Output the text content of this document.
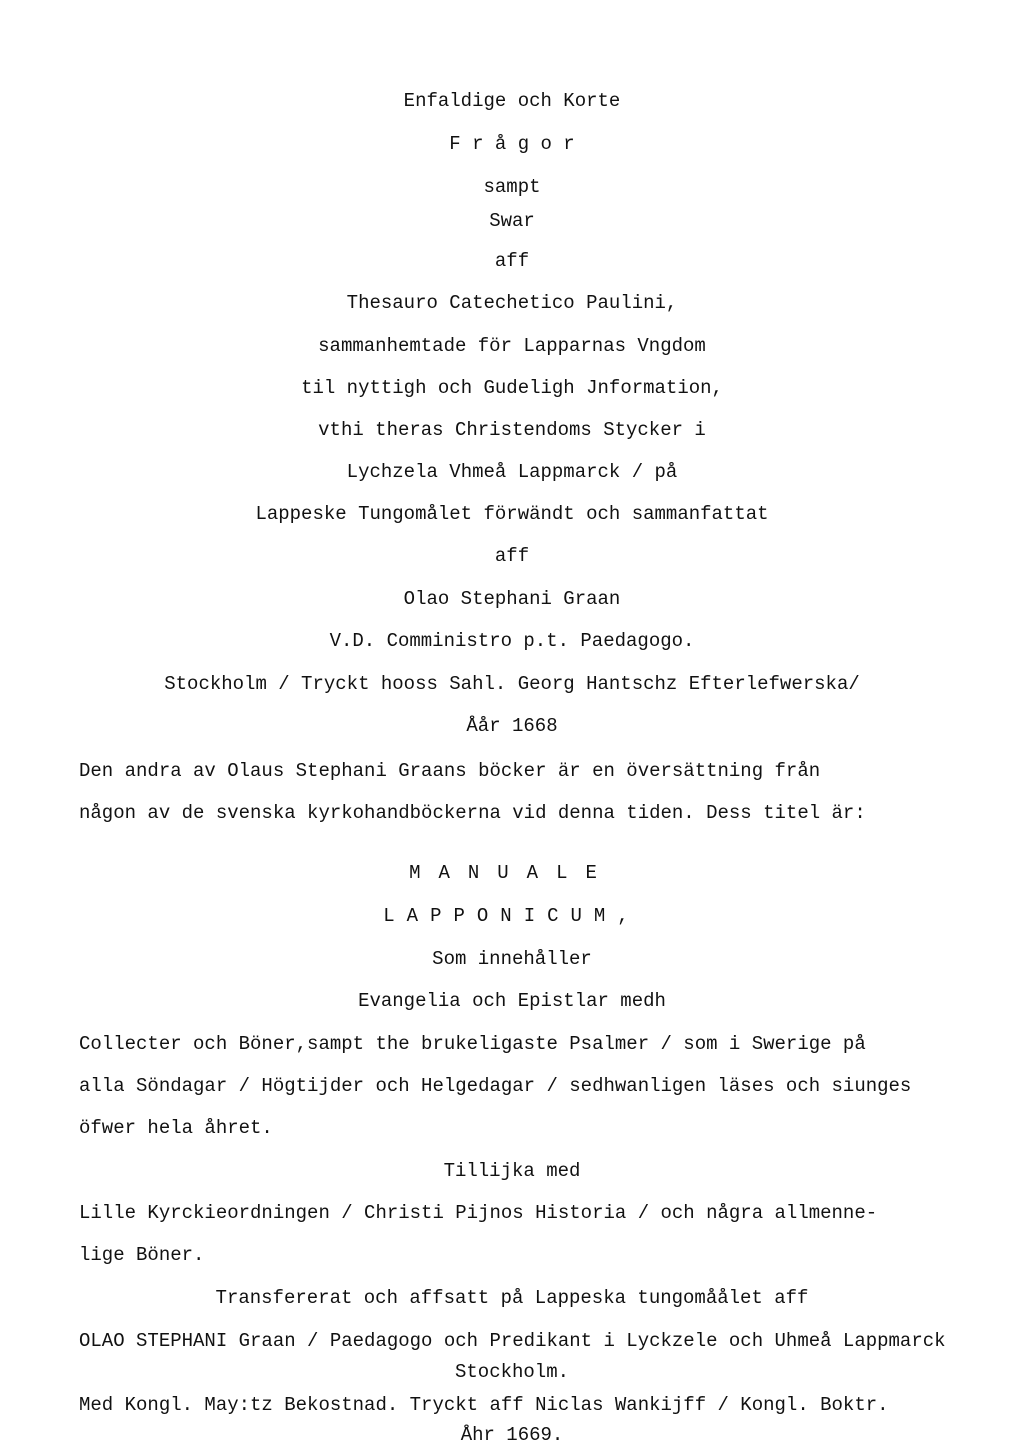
Enfaldige och Korte
F r å g o r
sampt
Swar
aff
Thesauro Catechetico Paulini,
sammanhemtade för Lapparnas Vngdom
til nyttigh och Gudeligh Jnformation,
vthi theras Christendoms Stycker i
Lychzela Vhmeå Lappmarck / på
Lappeske Tungomålet förwändt och sammanfattat
aff
Olao Stephani Graan
V.D. Comministro p.t. Paedagogo.
Stockholm / Tryckt hooss Sahl. Georg Hantschz Efterlefwerska/
Åår 1668
Den andra av Olaus Stephani Graans böcker är en översättning från
någon av de svenska kyrkohandböckerna vid denna tiden. Dess titel är:
MANUALE
LAPPONICUM,
Som innehåller
Evangelia och Epistlar medh
Collecter och Böner,sampt the brukeligaste Psalmer / som i Swerige på
alla Söndagar / Högtijder och Helgedagar / sedhwanligen läses och siunges
öfwer hela åhret.
Tillijka med
Lille Kyrckieordningen / Christi Pijnos Historia / och några allmenne-
lige Böner.
Transfererat och affsatt på Lappeska tungomåålet aff
OLAO STEPHANI Graan / Paedagogo och Predikant i Lyckzele och Uhmeå Lappmarck
Stockholm.
Med Kongl. May:tz Bekostnad. Tryckt aff Niclas Wankijff / Kongl. Boktr.
Åhr 1669.
